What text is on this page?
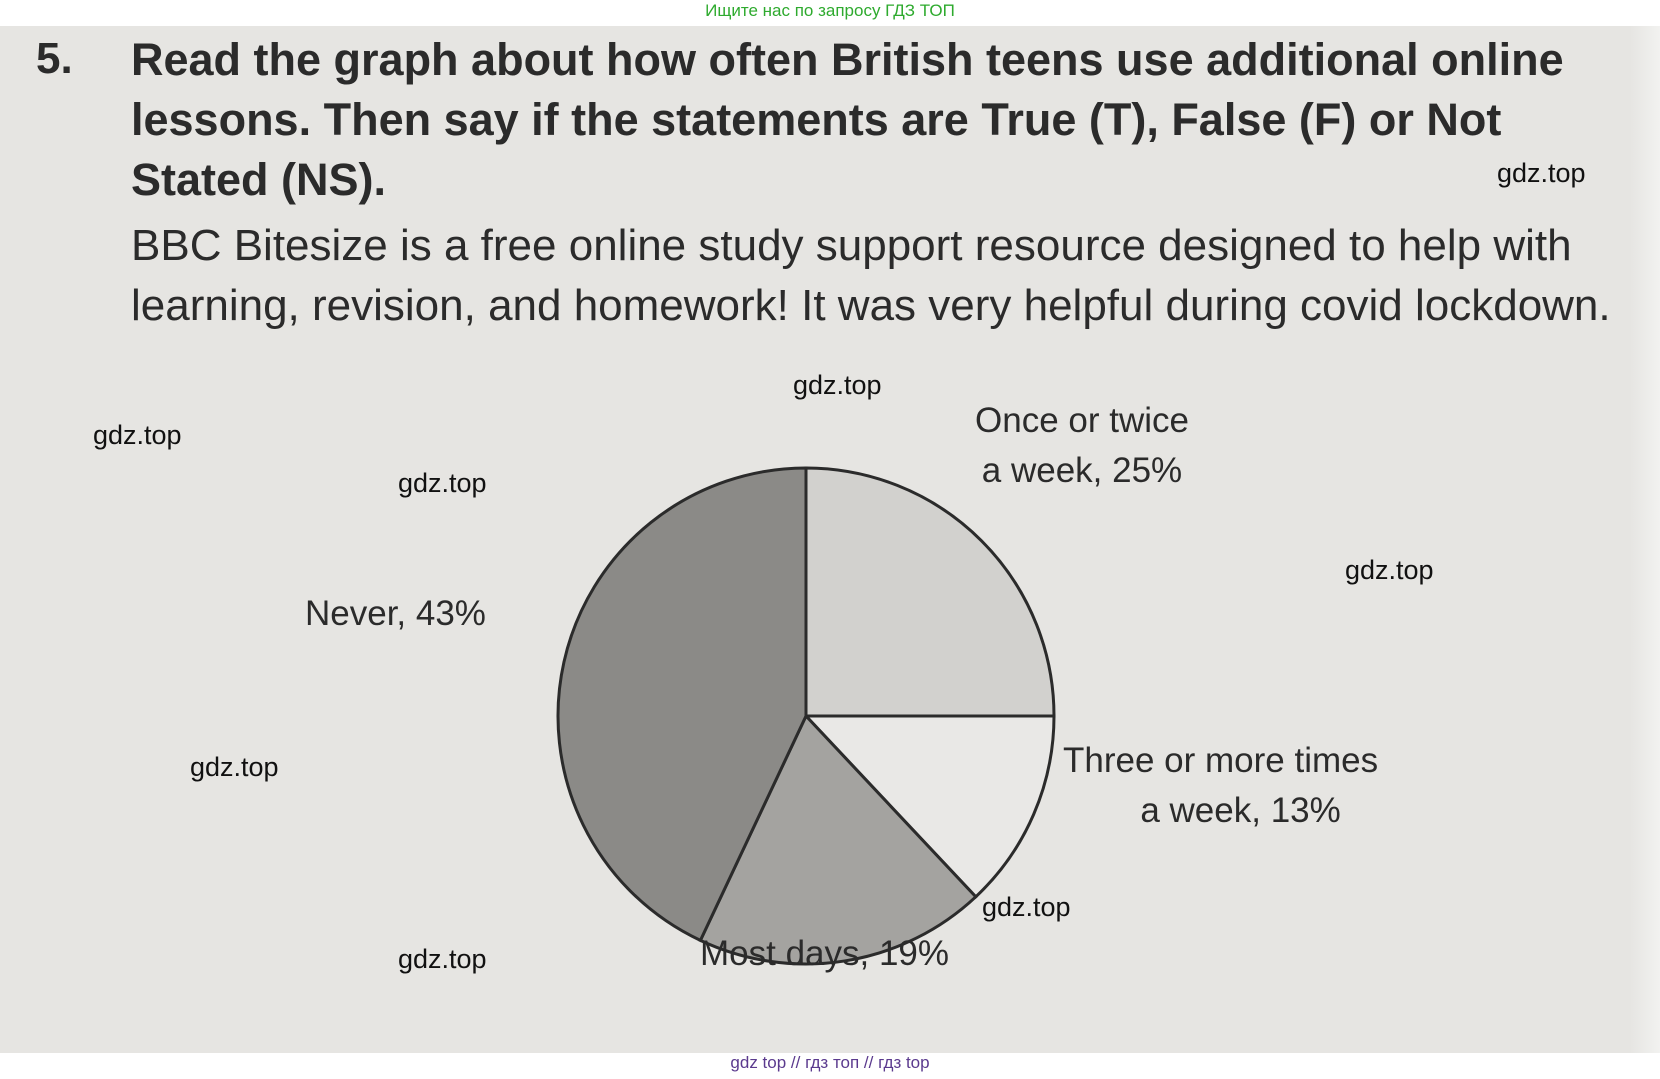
Ищите нас по запросу ГДЗ ТОП
5. Read the graph about how often British teens use additional online lessons. Then say if the statements are True (T), False (F) or Not Stated (NS).

BBC Bitesize is a free online study support resource designed to help with learning, revision, and homework! It was very helpful during covid lockdown.

Once or twice
a week, 25%
Three or more times
a week, 13%
Most days, 19%
Never, 43%
gdz.top
gdz.top
gdz.top
gdz.top
gdz.top
gdz.top
gdz.top
gdz.top
gdz top // гдз топ // гдз top
